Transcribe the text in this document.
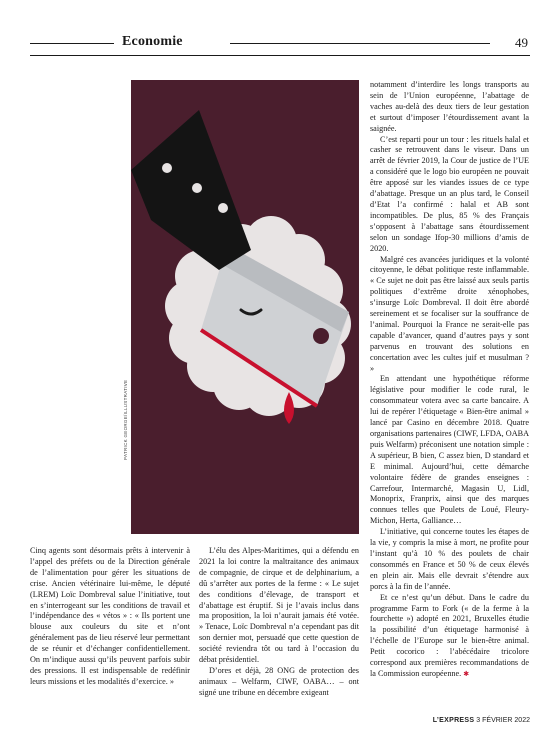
Economie	49
PATRICK GEORGE/ILLUSTRATIVE

Cinq agents sont désormais prêts à intervenir à l’appel des préfets ou de la Direction générale de l’alimentation pour gérer les situations de crise. Ancien vétérinaire lui-même, le député (LREM) Loïc Dombreval salue l’initiative, tout en s’interrogeant sur les conditions de travail et l’indépendance des « vétos » : « Ils portent une blouse aux couleurs du site et n’ont généralement pas de lieu réservé leur permettant de se réunir et d’échanger confidentiellement. On m’indique aussi qu’ils peuvent parfois subir des pressions. Il est indispensable de redéfinir leurs missions et les modalités d’exercice. »

L’élu des Alpes-Maritimes, qui a défendu en 2021 la loi contre la maltraitance des animaux de compagnie, de cirque et de delphinarium, a dû s’arrêter aux portes de la ferme : « Le sujet des conditions d’élevage, de transport et d’abattage est éruptif. Si je l’avais inclus dans ma proposition, la loi n’aurait jamais été votée. » Tenace, Loïc Dombreval n’a cependant pas dit son dernier mot, persuadé que cette question de société reviendra tôt ou tard à l’occasion du débat présidentiel.

D’ores et déjà, 28 ONG de protection des animaux – Welfarm, CIWF, OABA… – ont signé une tribune en décembre exigeant

notamment d’interdire les longs transports au sein de l’Union européenne, l’abattage de vaches au-delà des deux tiers de leur gestation et surtout d’imposer l’étourdissement avant la saignée.

C’est reparti pour un tour : les rituels halal et casher se retrouvent dans le viseur. Dans un arrêt de février 2019, la Cour de justice de l’UE a considéré que le logo bio européen ne pouvait être apposé sur les viandes issues de ce type d’abattage. Presque un an plus tard, le Conseil d’Etat l’a confirmé : halal et AB sont incompatibles. De plus, 85 % des Français s’opposent à l’abattage sans étourdissement selon un sondage Ifop-30 millions d’amis de 2020.

Malgré ces avancées juridiques et la volonté citoyenne, le débat politique reste inflammable. « Ce sujet ne doit pas être laissé aux seuls partis politiques d’extrême droite xénophobes, s’insurge Loïc Dombreval. Il doit être abordé sereinement et se focaliser sur la souffrance de l’animal. Pourquoi la France ne serait-elle pas capable d’avancer, quand d’autres pays y sont parvenus en trouvant des solutions en concertation avec les cultes juif et musulman ? »

En attendant une hypothétique réforme législative pour modifier le code rural, le consommateur votera avec sa carte bancaire. A lui de repérer l’étiquetage « Bien-être animal » lancé par Casino en décembre 2018. Quatre organisations partenaires (CIWF, LFDA, OABA puis Welfarm) préconisent une notation simple : A supérieur, B bien, C assez bien, D standard et E minimal. Aujourd’hui, cette démarche volontaire fédère de grandes enseignes : Carrefour, Intermarché, Magasin U, Lidl, Monoprix, Franprix, ainsi que des marques connues telles que Poulets de Loué, Fleury-Michon, Herta, Galliance…

L’initiative, qui concerne toutes les étapes de la vie, y compris la mise à mort, ne profite pour l’instant qu’à 10 % des poulets de chair consommés en France et 50 % de ceux élevés en plein air. Mais elle devrait s’étendre aux porcs à la fin de l’année.

Et ce n’est qu’un début. Dans le cadre du programme Farm to Fork (« de la ferme à la fourchette ») adopté en 2021, Bruxelles étudie la possibilité d’un étiquetage harmonisé à l’échelle de l’Europe sur le bien-être animal. Petit cocorico : l’abécédaire tricolore correspond aux premières recommandations de la Commission européenne. ✱

L’EXPRESS 3 FÉVRIER 2022
